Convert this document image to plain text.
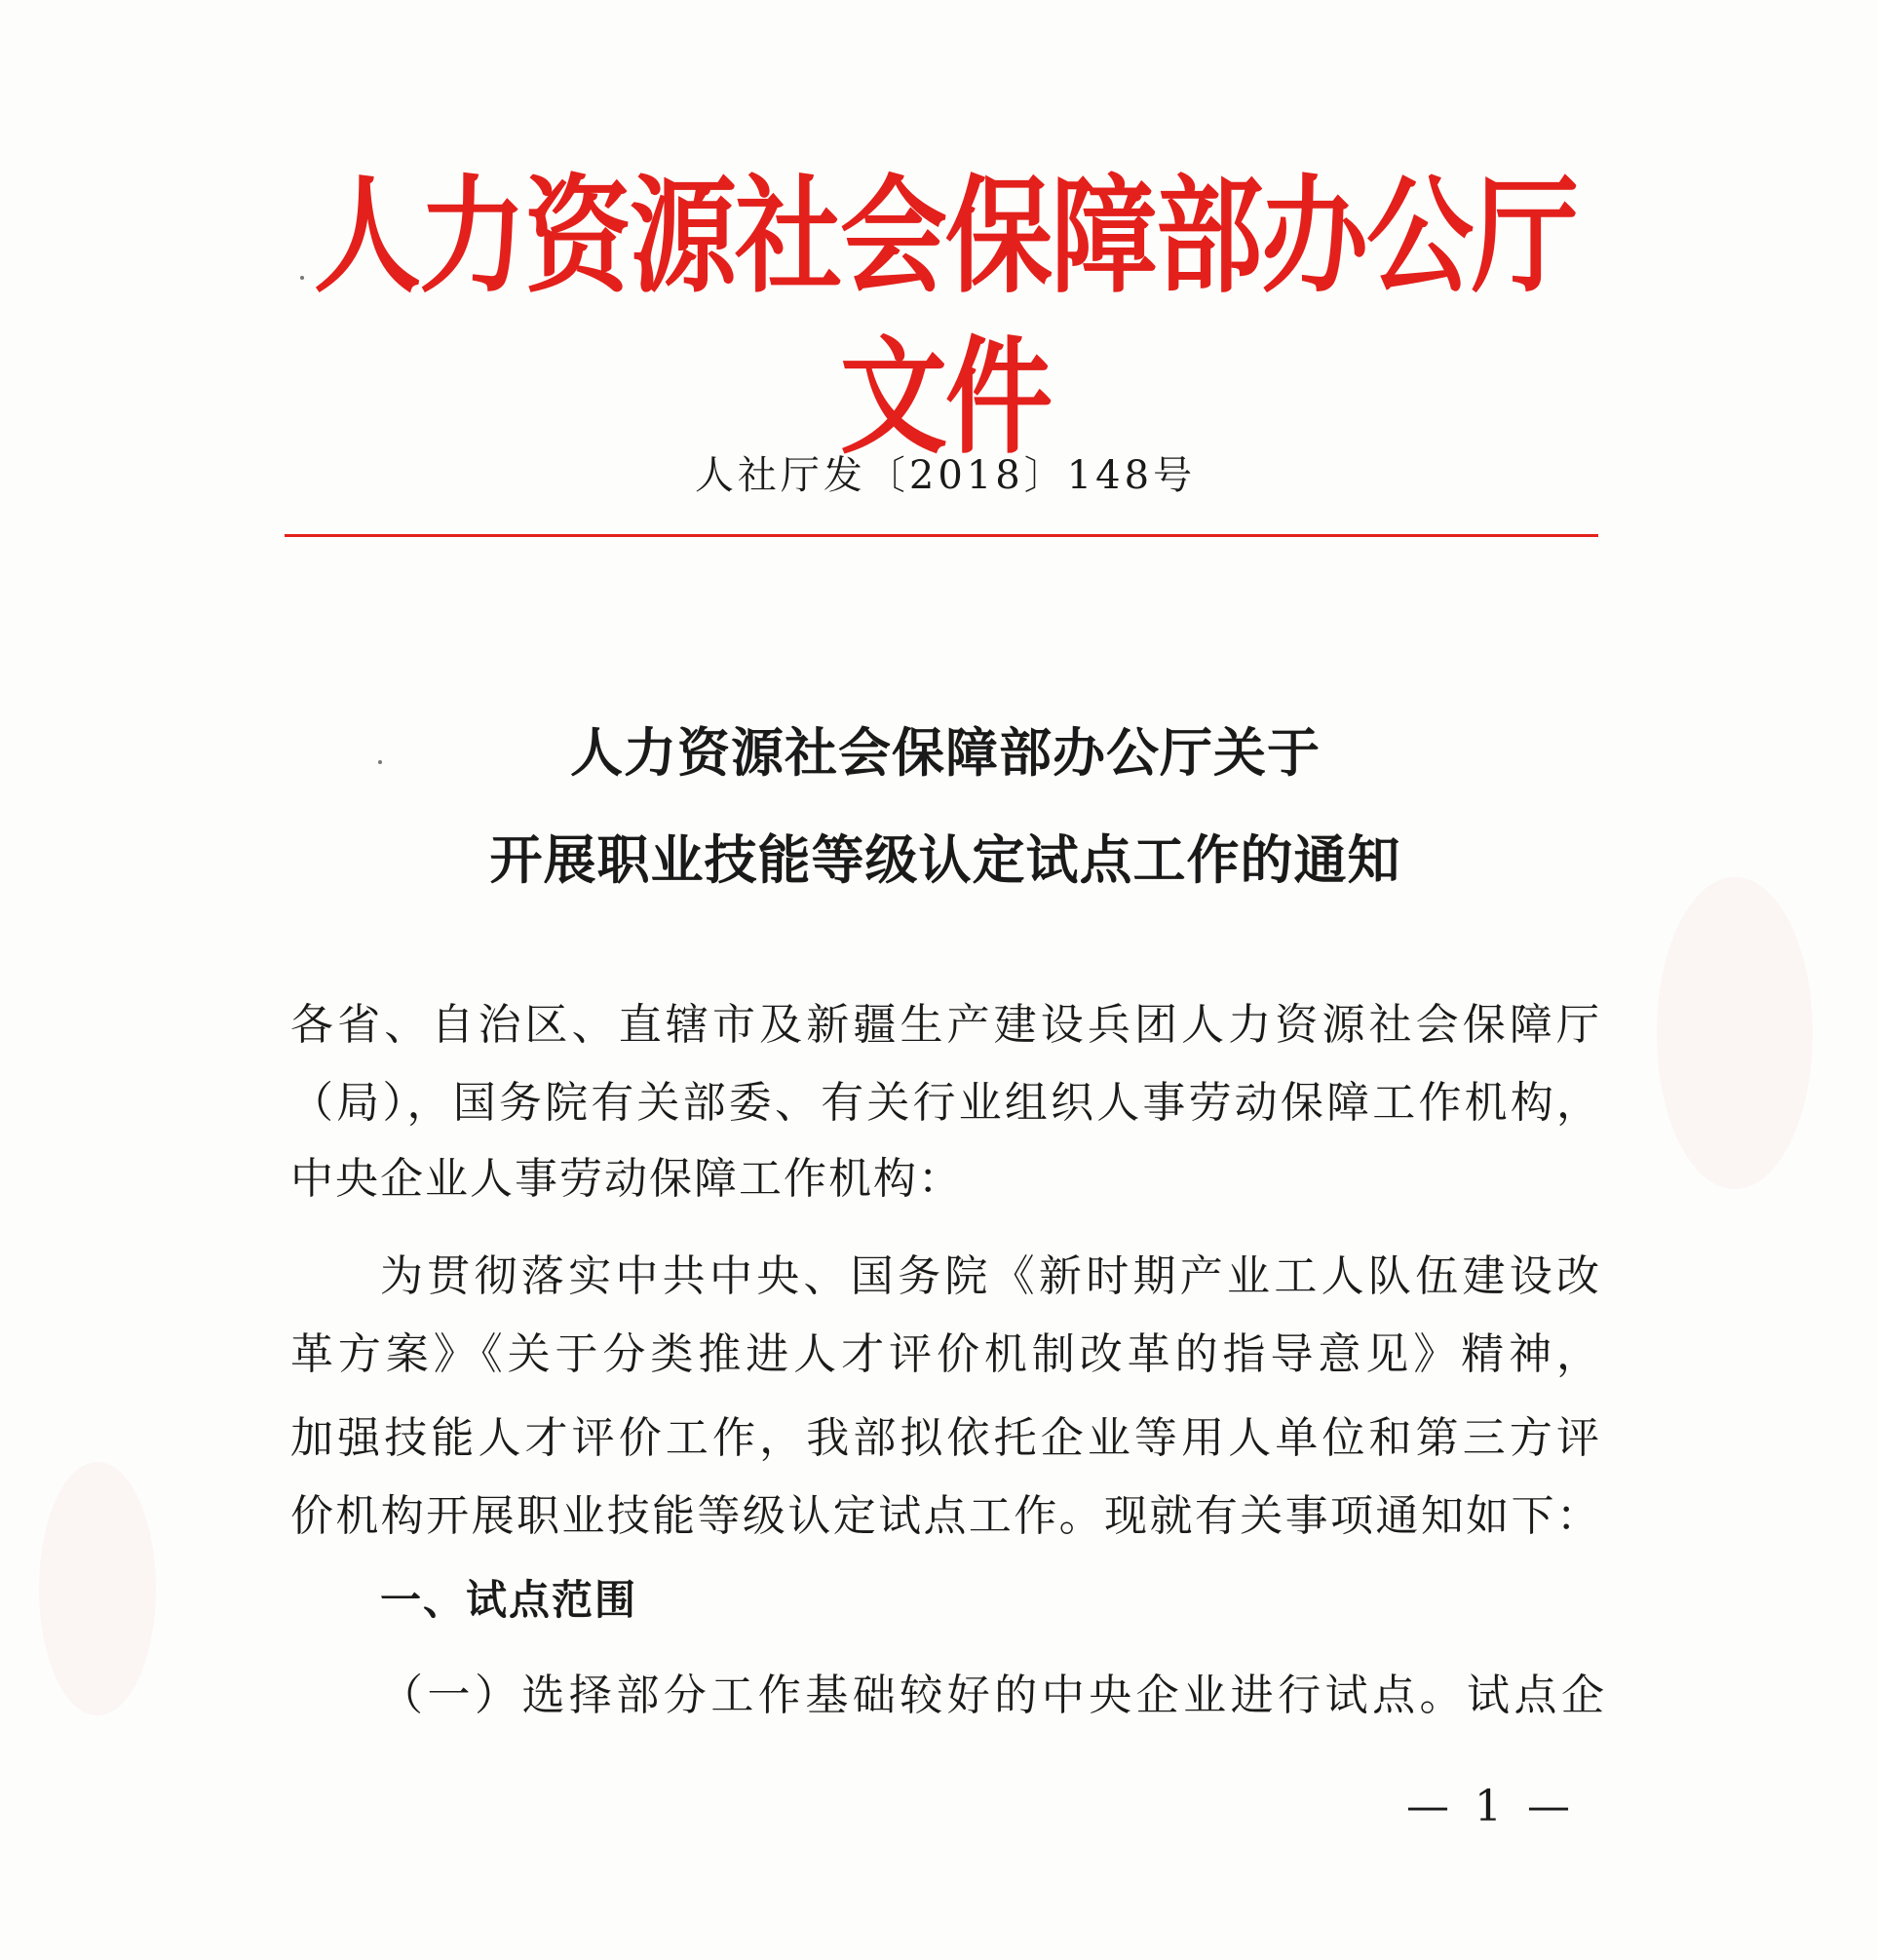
人力资源社会保障部办公厅文件
人社厅发〔2018〕148号
人力资源社会保障部办公厅关于
开展职业技能等级认定试点工作的通知
各省、自治区、直辖市及新疆生产建设兵团人力资源社会保障厅
（局），国务院有关部委、有关行业组织人事劳动保障工作机构，
中央企业人事劳动保障工作机构：
为贯彻落实中共中央、国务院《新时期产业工人队伍建设改
革方案》《关于分类推进人才评价机制改革的指导意见》精神，
加强技能人才评价工作，我部拟依托企业等用人单位和第三方评
价机构开展职业技能等级认定试点工作。现就有关事项通知如下：
一、试点范围
（一）选择部分工作基础较好的中央企业进行试点。试点企
— 1 —
